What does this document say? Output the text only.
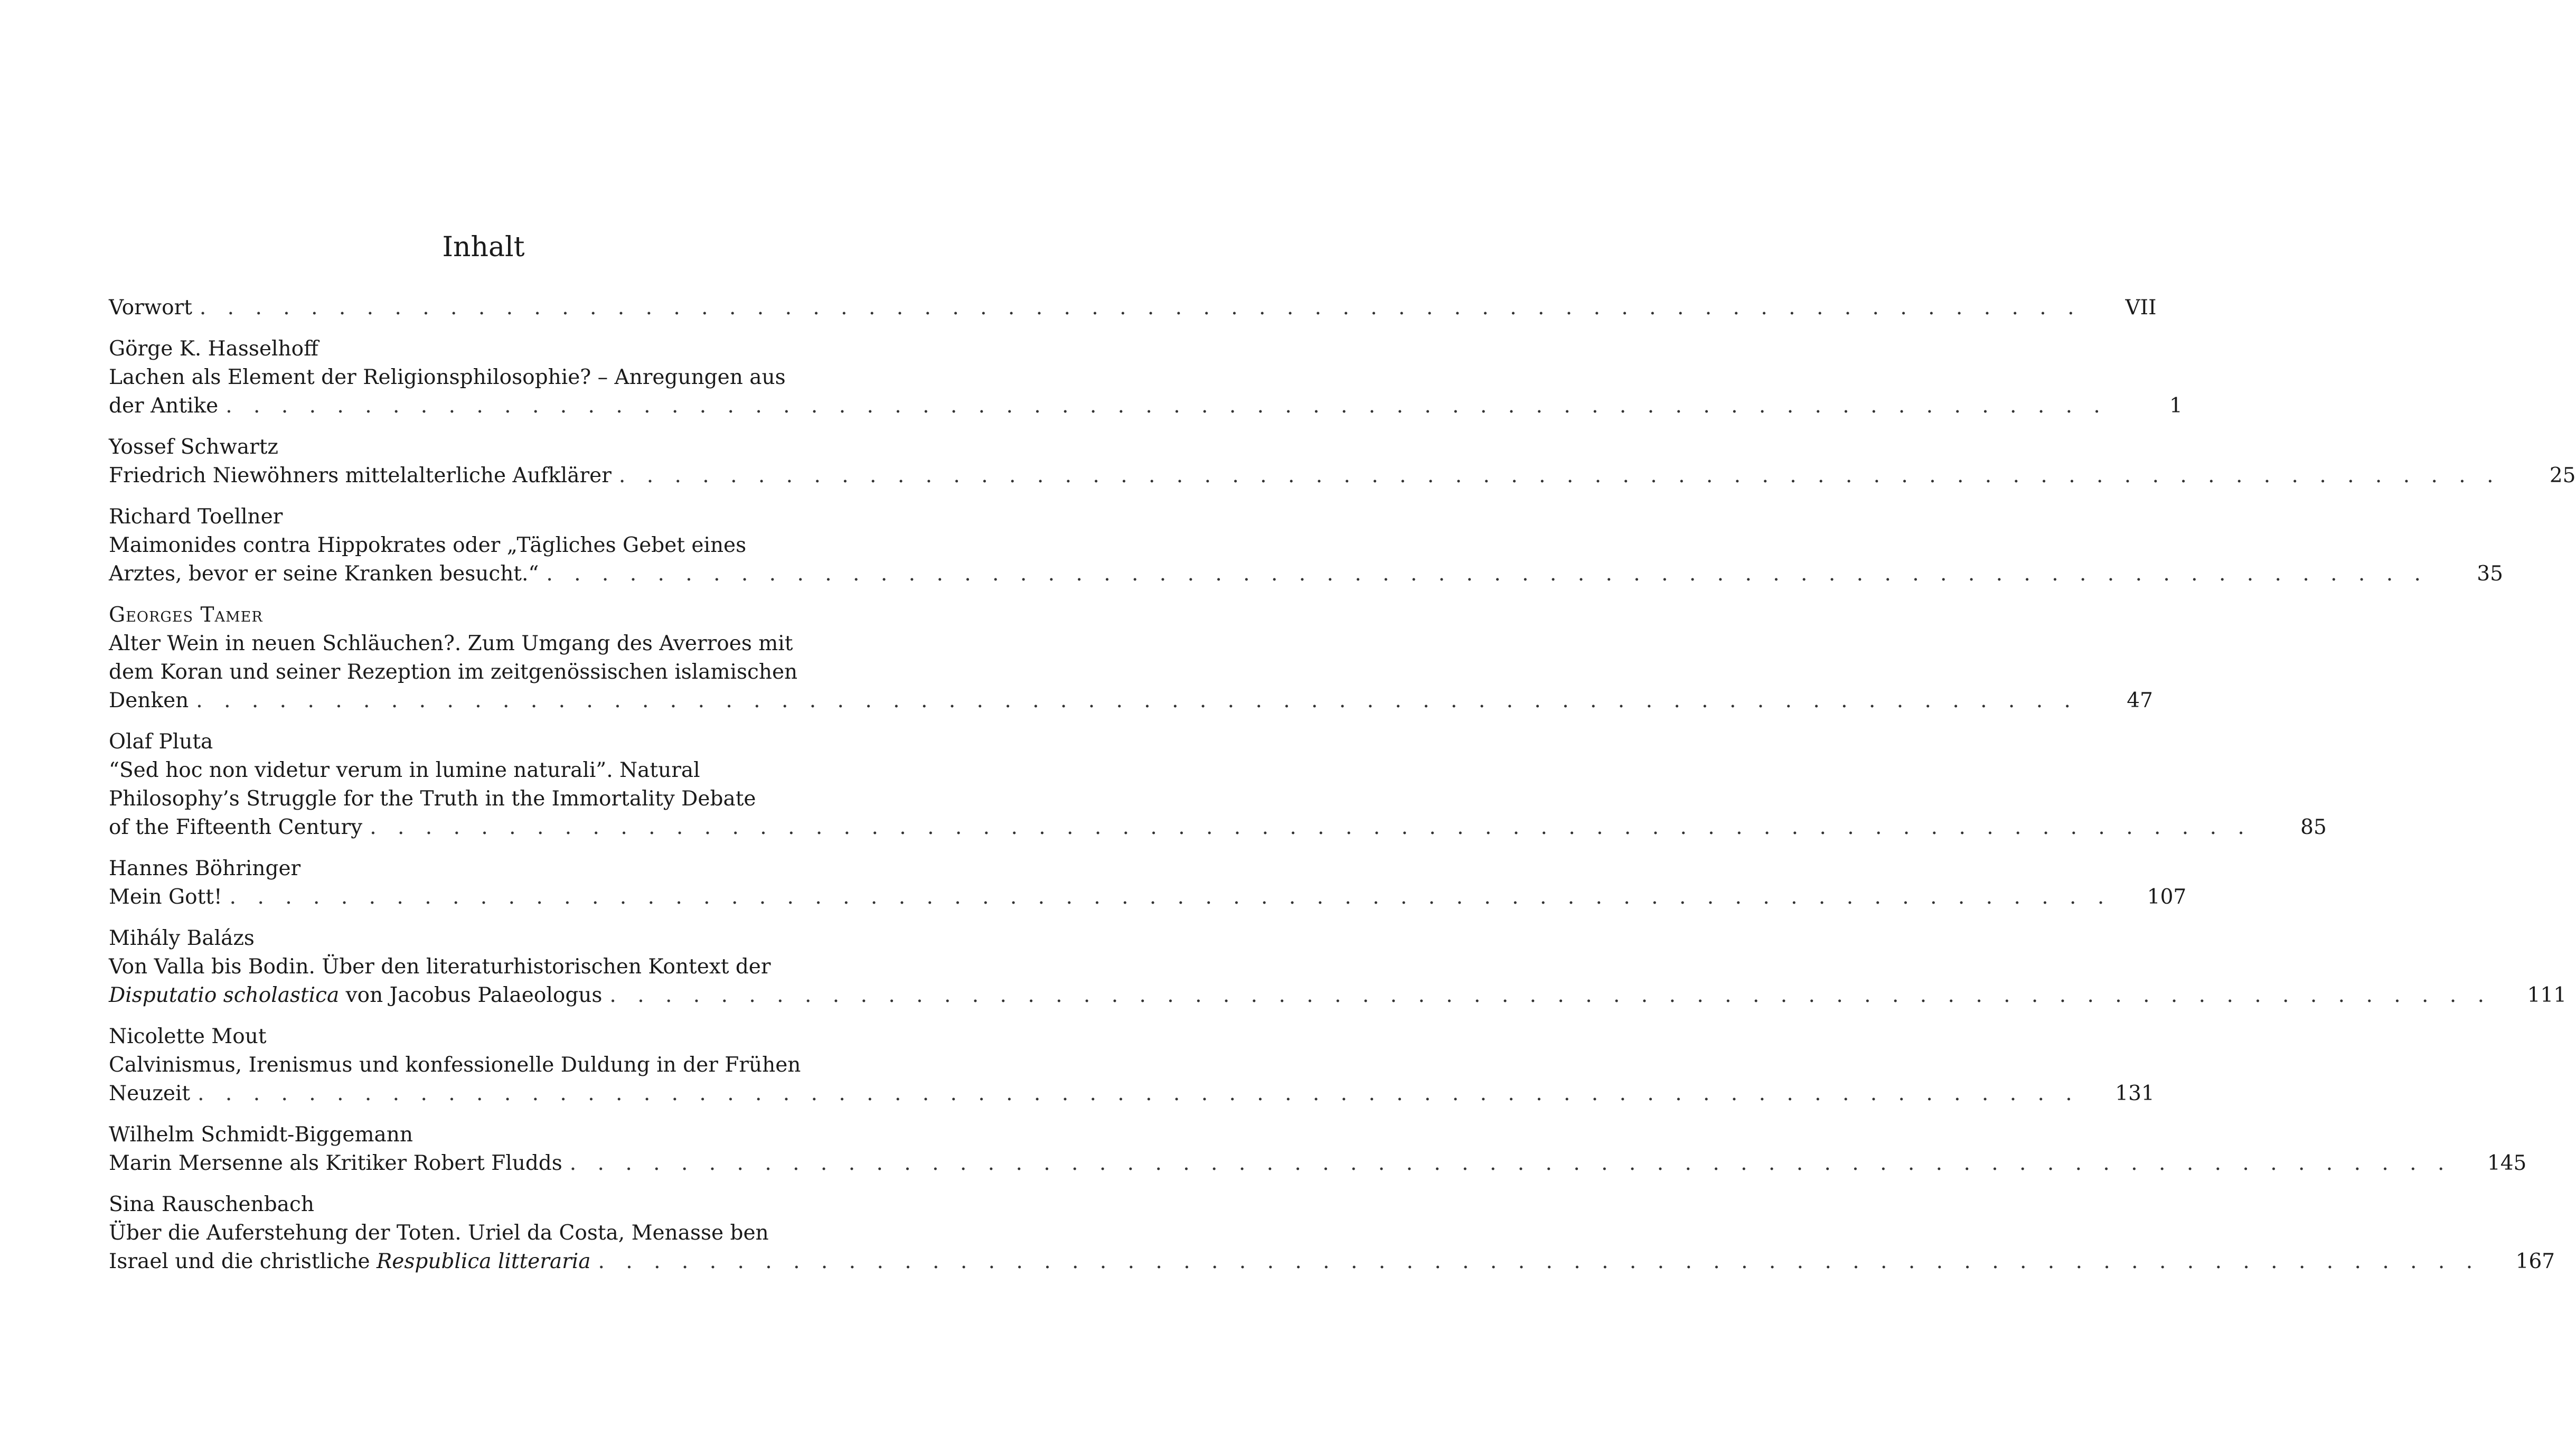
Inhalt
Vorwort . . . . . . . . . . . . . . . . . . . . . . . . . . . . . . . . . . . . . . . . . . . . . . . . . . . . . . . . . . . . . . . . . . . .	VII
Görge K. Hasselhoff
Lachen als Element der Religionsphilosophie? – Anregungen aus
der Antike . . . . . . . . . . . . . . . . . . . . . . . . . . . . . . . . . . . . . . . . . . . . . . . . . . . . . . . . . . . . . . . . . . . .	1
Yossef Schwartz
Friedrich Niewöhners mittelalterliche Aufklärer . . . . . . . . . . . . . . . . . . . . . . . . . . . . . . . . . . . . . . . . . . . . . . . . . . . . . . . . . . . . . . . . . . . .	25
Richard Toellner
Maimonides contra Hippokrates oder „Tägliches Gebet eines
Arztes, bevor er seine Kranken besucht.“ . . . . . . . . . . . . . . . . . . . . . . . . . . . . . . . . . . . . . . . . . . . . . . . . . . . . . . . . . . . . . . . . . . . .	35
Georges Tamer
Alter Wein in neuen Schläuchen?. Zum Umgang des Averroes mit
dem Koran und seiner Rezeption im zeitgenössischen islamischen
Denken . . . . . . . . . . . . . . . . . . . . . . . . . . . . . . . . . . . . . . . . . . . . . . . . . . . . . . . . . . . . . . . . . . . .	47
Olaf Pluta
“Sed hoc non videtur verum in lumine naturali”. Natural
Philosophy’s Struggle for the Truth in the Immortality Debate
of the Fifteenth Century . . . . . . . . . . . . . . . . . . . . . . . . . . . . . . . . . . . . . . . . . . . . . . . . . . . . . . . . . . . . . . . . . . . .	85
Hannes Böhringer
Mein Gott! . . . . . . . . . . . . . . . . . . . . . . . . . . . . . . . . . . . . . . . . . . . . . . . . . . . . . . . . . . . . . . . . . . . .	107
Mihály Balázs
Von Valla bis Bodin. Über den literaturhistorischen Kontext der
Disputatio scholastica von Jacobus Palaeologus . . . . . . . . . . . . . . . . . . . . . . . . . . . . . . . . . . . . . . . . . . . . . . . . . . . . . . . . . . . . . . . . . . . .	111
Nicolette Mout
Calvinismus, Irenismus und konfessionelle Duldung in der Frühen
Neuzeit . . . . . . . . . . . . . . . . . . . . . . . . . . . . . . . . . . . . . . . . . . . . . . . . . . . . . . . . . . . . . . . . . . . .	131
Wilhelm Schmidt-Biggemann
Marin Mersenne als Kritiker Robert Fludds . . . . . . . . . . . . . . . . . . . . . . . . . . . . . . . . . . . . . . . . . . . . . . . . . . . . . . . . . . . . . . . . . . . .	145
Sina Rauschenbach
Über die Auferstehung der Toten. Uriel da Costa, Menasse ben
Israel und die christliche Respublica litteraria . . . . . . . . . . . . . . . . . . . . . . . . . . . . . . . . . . . . . . . . . . . . . . . . . . . . . . . . . . . . . . . . . . . .	167
